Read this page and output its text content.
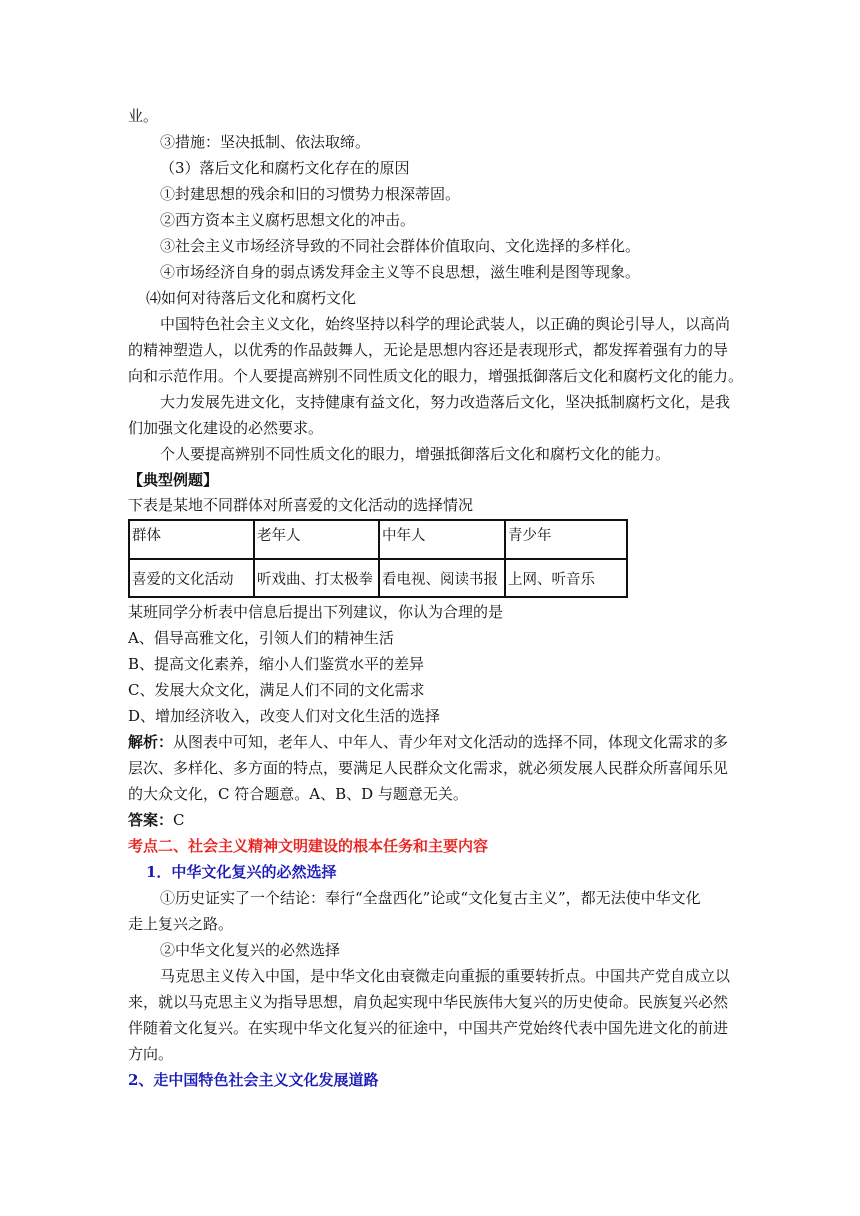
业。
③措施：坚决抵制、依法取缔。
（3）落后文化和腐朽文化存在的原因
①封建思想的残余和旧的习惯势力根深蒂固。
②西方资本主义腐朽思想文化的冲击。
③社会主义市场经济导致的不同社会群体价值取向、文化选择的多样化。
④市场经济自身的弱点诱发拜金主义等不良思想，滋生唯利是图等现象。
⑷如何对待落后文化和腐朽文化
中国特色社会主义文化，始终坚持以科学的理论武装人，以正确的舆论引导人，以高尚
的精神塑造人，以优秀的作品鼓舞人，无论是思想内容还是表现形式，都发挥着强有力的导
向和示范作用。个人要提高辨别不同性质文化的眼力，增强抵御落后文化和腐朽文化的能力。
大力发展先进文化，支持健康有益文化，努力改造落后文化，坚决抵制腐朽文化，是我
们加强文化建设的必然要求。
个人要提高辨别不同性质文化的眼力，增强抵御落后文化和腐朽文化的能力。
【典型例题】
下表是某地不同群体对所喜爱的文化活动的选择情况
群体	老年人	中年人	青少年
喜爱的文化活动	听戏曲、打太极拳	看电视、阅读书报	上网、听音乐
某班同学分析表中信息后提出下列建议，你认为合理的是
A、倡导高雅文化，引领人们的精神生活
B、提高文化素养，缩小人们鉴赏水平的差异
C、发展大众文化，满足人们不同的文化需求
D、增加经济收入，改变人们对文化生活的选择
解析：从图表中可知，老年人、中年人、青少年对文化活动的选择不同，体现文化需求的多
层次、多样化、多方面的特点，要满足人民群众文化需求，就必须发展人民群众所喜闻乐见
的大众文化，C 符合题意。A、B、D 与题意无关。
答案：C
考点二、社会主义精神文明建设的根本任务和主要内容
1．中华文化复兴的必然选择
①历史证实了一个结论：奉行“全盘西化”论或“文化复古主义”，都无法使中华文化
走上复兴之路。
②中华文化复兴的必然选择
马克思主义传入中国，是中华文化由衰微走向重振的重要转折点。中国共产党自成立以
来，就以马克思主义为指导思想，肩负起实现中华民族伟大复兴的历史使命。民族复兴必然
伴随着文化复兴。在实现中华文化复兴的征途中，中国共产党始终代表中国先进文化的前进
方向。
2、走中国特色社会主义文化发展道路
